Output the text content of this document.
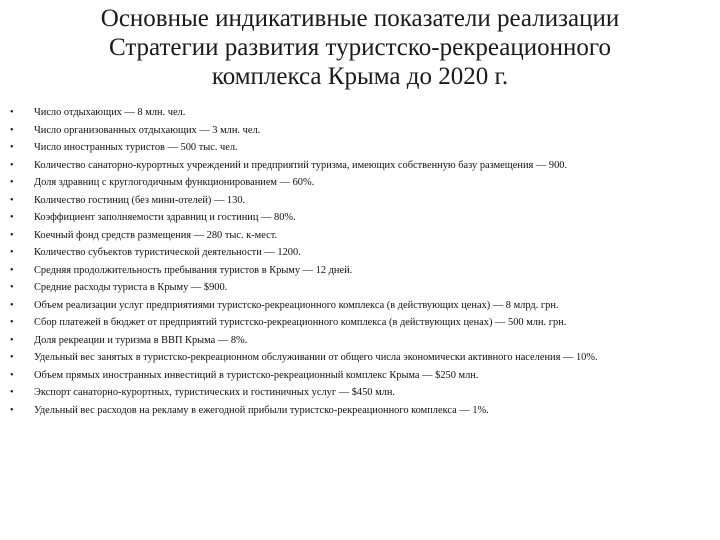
Основные индикативные показатели реализации
Стратегии развития туристско-рекреационного
комплекса Крыма до 2020 г.
• Число отдыхающих — 8 млн. чел.
• Число организованных отдыхающих — 3 млн. чел.
• Число иностранных туристов — 500 тыс. чел.
• Количество санаторно-курортных учреждений и предприятий туризма, имеющих собственную базу размещения — 900.
• Доля здравниц с круглогодичным функционированием — 60%.
• Количество гостиниц (без мини-отелей) — 130.
• Коэффициент заполняемости здравниц и гостиниц — 80%.
• Коечный фонд средств размещения — 280 тыс. к-мест.
• Количество субъектов туристической деятельности — 1200.
• Средняя продолжительность пребывания туристов в Крыму — 12 дней.
• Средние расходы туриста в Крыму — $900.
• Объем реализации услуг предприятиями туристско-рекреационного комплекса (в действующих ценах) — 8 млрд. грн.
• Сбор платежей в бюджет от предприятий туристско-рекреационного комплекса (в действующих ценах) — 500 млн. грн.
• Доля рекреации и туризма в ВВП Крыма — 8%.
• Удельный вес занятых в туристско-рекреационном обслуживании от общего числа экономически активного населения — 10%.
• Объем прямых иностранных инвестиций в туристско-рекреационный комплекс Крыма — $250 млн.
• Экспорт санаторно-курортных, туристических и гостиничных услуг — $450 млн.
• Удельный вес расходов на рекламу в ежегодной прибыли туристско-рекреационного комплекса — 1%.
